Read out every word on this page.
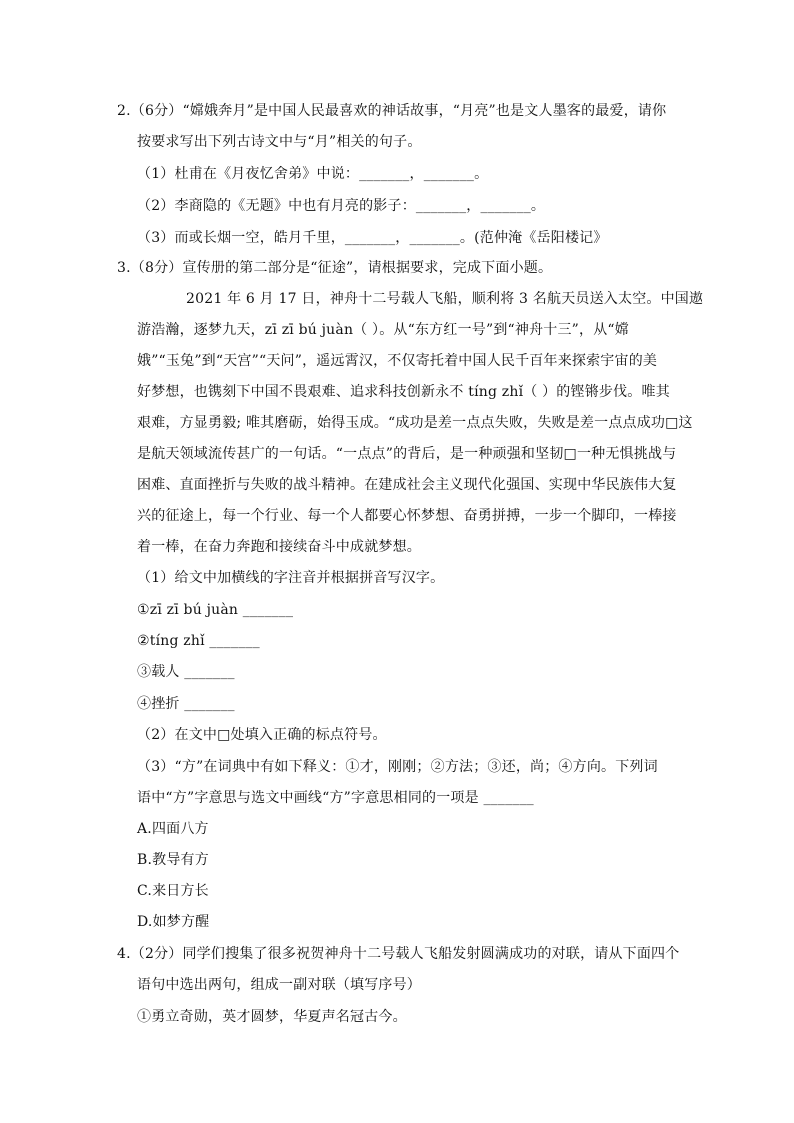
2.（6分）“嫦娥奔月”是中国人民最喜欢的神话故事，“月亮”也是文人墨客的最爱，请你
按要求写出下列古诗文中与“月”相关的句子。
（1）杜甫在《月夜忆舍弟》中说：_______，_______。
（2）李商隐的《无题》中也有月亮的影子：_______，_______。
（3）而或长烟一空，皓月千里，_______，_______。(范仲淹《岳阳楼记》
3.（8分）宣传册的第二部分是“征途”，请根据要求，完成下面小题。
2021 年 6 月 17 日，神舟十二号载人飞船，顺利将 3 名航天员送入太空。中国遨
游浩瀚，逐梦九天，zī zī bú juàn（ ）。从“东方红一号”到“神舟十三”，从“嫦
娥”“玉兔”到“天宫”“天问”，遥远霄汉，不仅寄托着中国人民千百年来探索宇宙的美
好梦想，也镌刻下中国不畏艰难、追求科技创新永不 tíng zhǐ（ ）的铿锵步伐。唯其
艰难，方显勇毅; 唯其磨砺，始得玉成。“成功是差一点点失败，失败是差一点点成功□这
是航天领域流传甚广的一句话。“一点点”的背后，是一种顽强和坚韧□一种无惧挑战与
困难、直面挫折与失败的战斗精神。在建成社会主义现代化强国、实现中华民族伟大复
兴的征途上，每一个行业、每一个人都要心怀梦想、奋勇拼搏，一步一个脚印，一棒接
着一棒，在奋力奔跑和接续奋斗中成就梦想。
（1）给文中加横线的字注音并根据拼音写汉字。
①zī zī bú juàn _______
②tíng zhǐ _______
③载人 _______
④挫折 _______
（2）在文中□处填入正确的标点符号。
（3）“方”在词典中有如下释义：①才，刚刚；②方法；③还，尚；④方向。下列词
语中“方”字意思与选文中画线“方”字意思相同的一项是 _______
A.四面八方
B.教导有方
C.来日方长
D.如梦方醒
4.（2分）同学们搜集了很多祝贺神舟十二号载人飞船发射圆满成功的对联，请从下面四个
语句中选出两句，组成一副对联（填写序号）
①勇立奇勋，英才圆梦，华夏声名冠古今。
